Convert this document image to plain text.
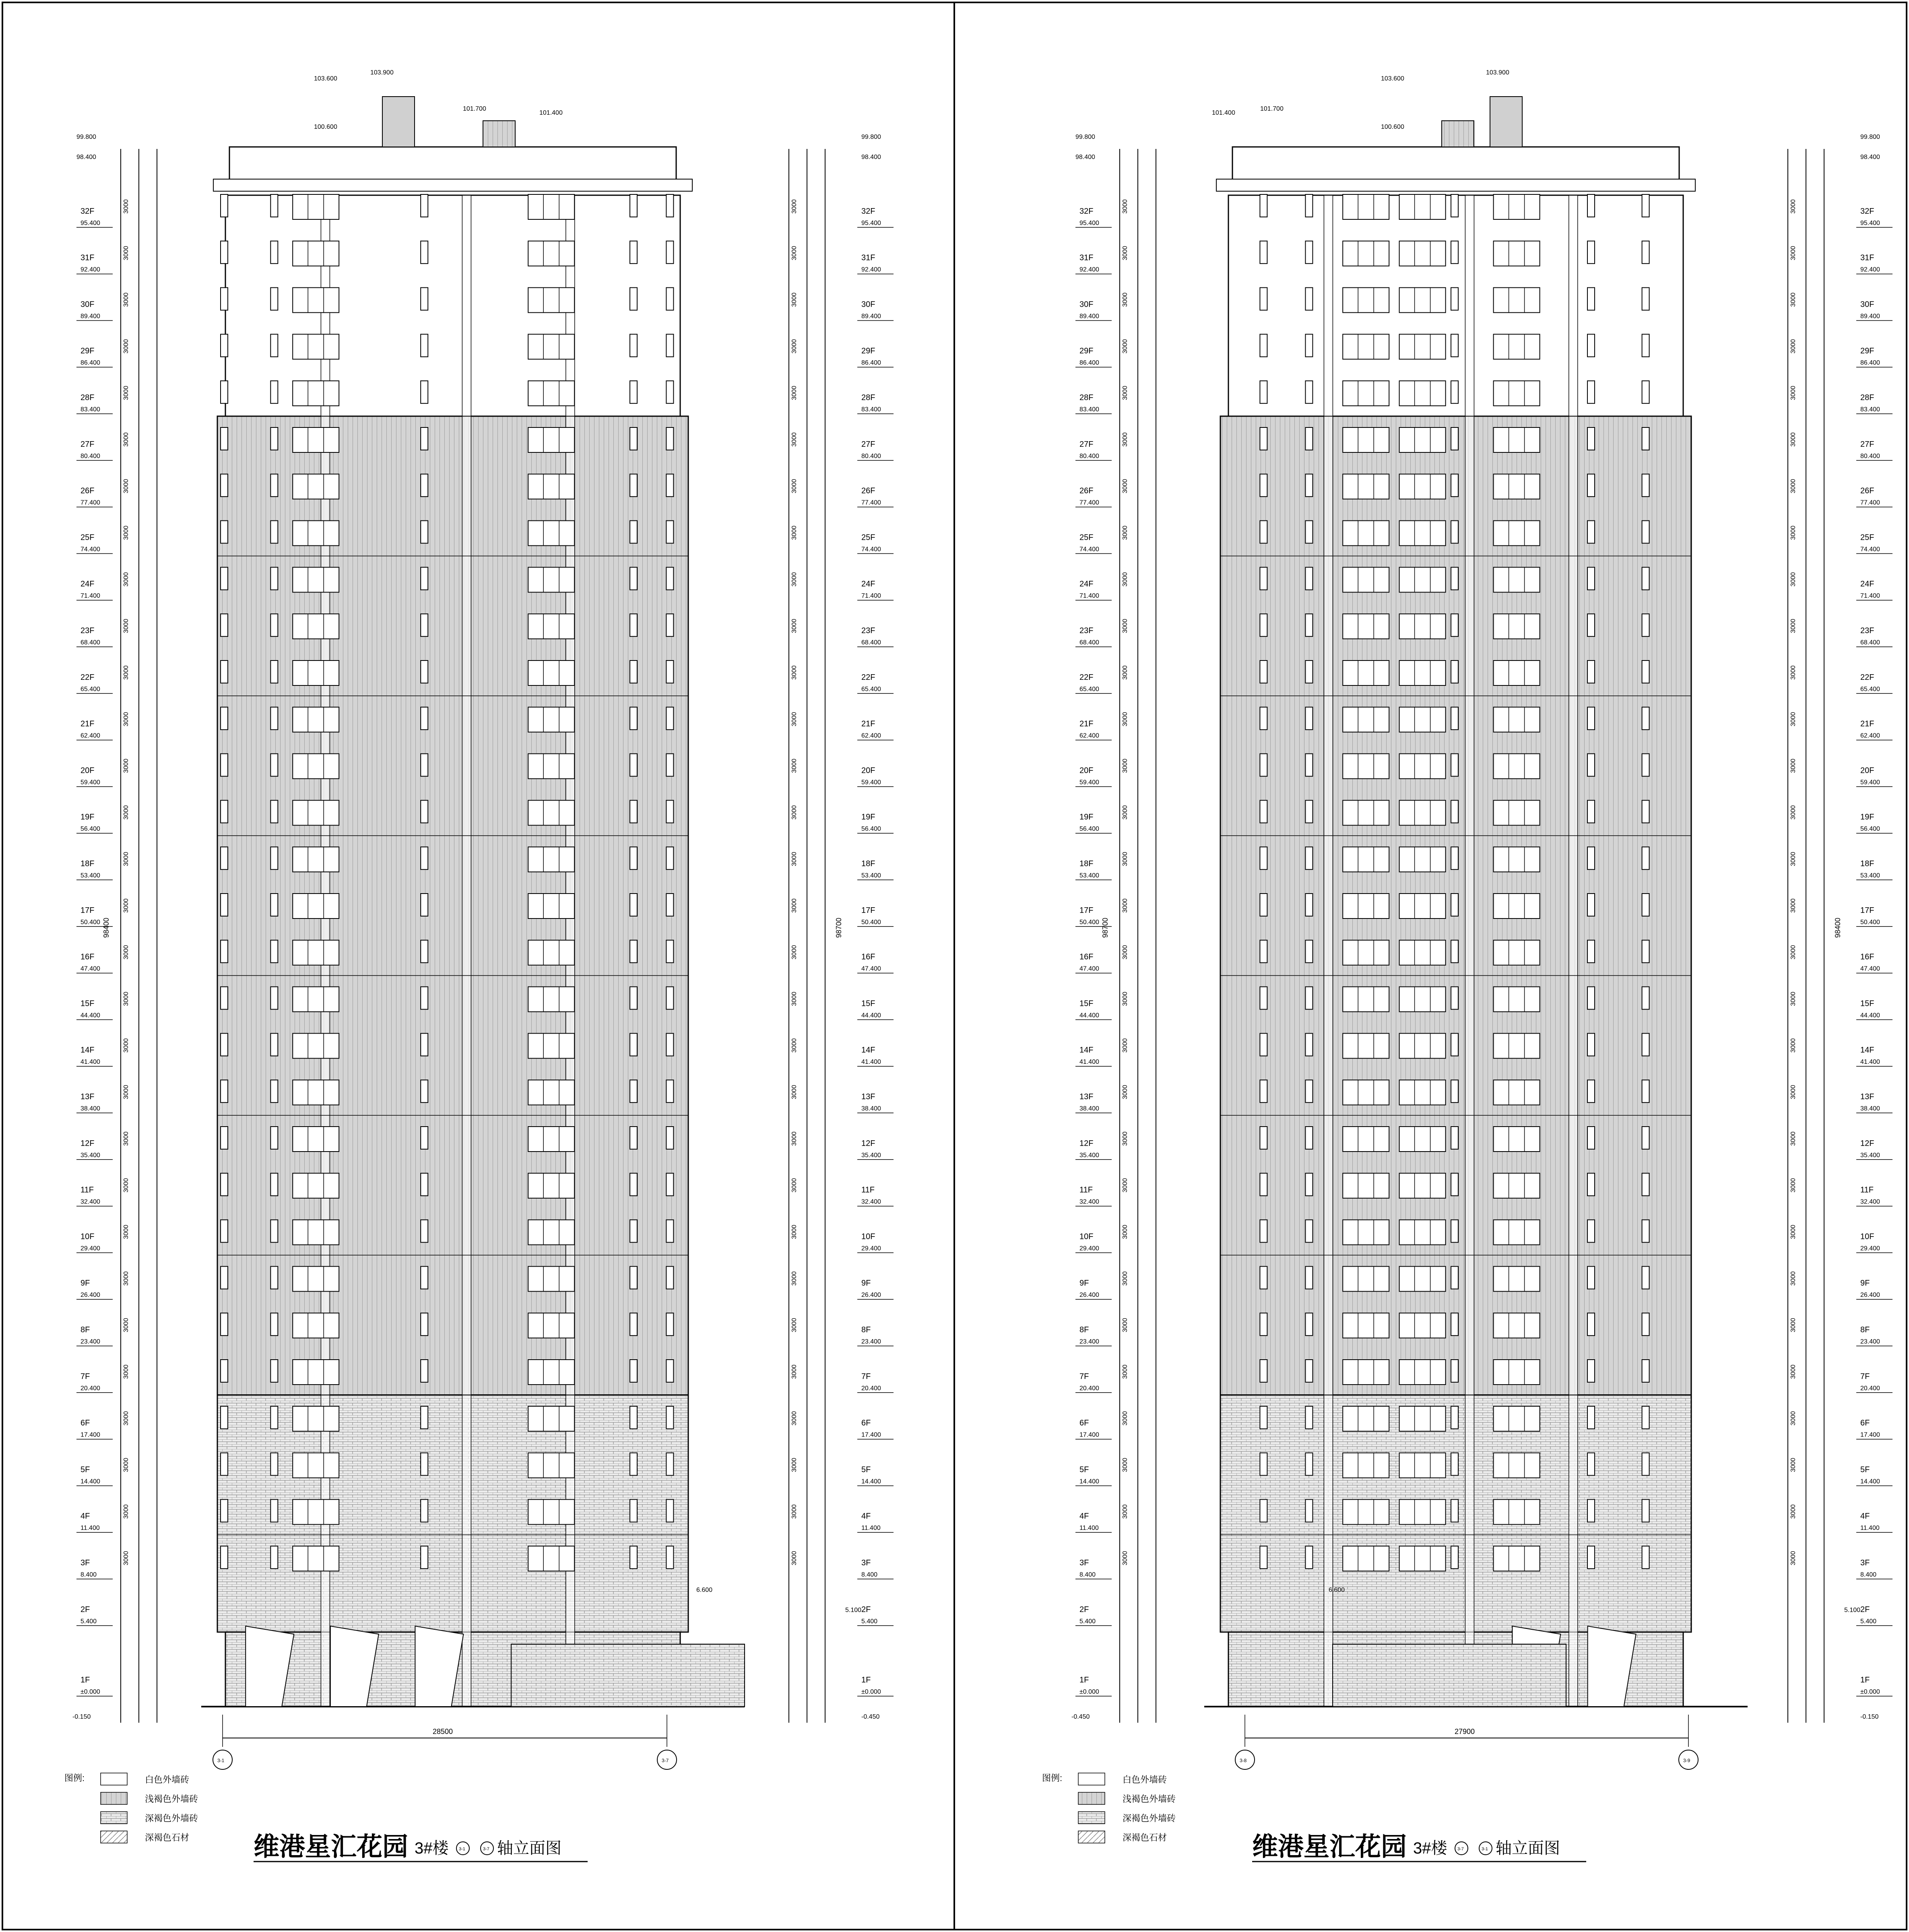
32F
95.400
32F
95.400
31F
92.400
31F
92.400
30F
89.400
30F
89.400
29F
86.400
29F
86.400
28F
83.400
28F
83.400
27F
80.400
27F
80.400
26F
77.400
26F
77.400
25F
74.400
25F
74.400
24F
71.400
24F
71.400
23F
68.400
23F
68.400
22F
65.400
22F
65.400
21F
62.400
21F
62.400
20F
59.400
20F
59.400
19F
56.400
19F
56.400
18F
53.400
18F
53.400
17F
50.400
17F
50.400
16F
47.400
16F
47.400
15F
44.400
15F
44.400
14F
41.400
14F
41.400
13F
38.400
13F
38.400
12F
35.400
12F
35.400
11F
32.400
11F
32.400
10F
29.400
10F
29.400
9F
26.400
9F
26.400
8F
23.400
8F
23.400
7F
20.400
7F
20.400
6F
17.400
6F
17.400
5F
14.400
5F
14.400
4F
11.400
4F
11.400
3F
8.400
3F
8.400
2F
5.400
2F
5.400
1F
±0.000
1F
±0.000
3000	3000
3000	3000
3000	3000
3000	3000
3000	3000
3000	3000
3000	3000
3000	3000
3000	3000
3000	3000
3000	3000
3000	3000
3000	3000
3000	3000
3000	3000
3000	3000
3000	3000
3000	3000
3000	3000
3000	3000
3000	3000
3000	3000
3000	3000
3000	3000
3000	3000
3000	3000
3000	3000
3000	3000
3000	3000
3000	3000
99.800
98.400
99.800
98.400
103.900
103.600
100.600
101.700
101.400
98400	98700
-0.150	-0.450
6.600
5.100
3-1	3-7
28500
图例:	白色外墙砖
浅褐色外墙砖
深褐色外墙砖
深褐色石材 维港星汇花园 3#楼 3-1	3-7 轴立面图
32F
95.400
32F
95.400
31F
92.400
31F
92.400
30F
89.400
30F
89.400
29F
86.400
29F
86.400
28F
83.400
28F
83.400
27F
80.400
27F
80.400
26F
77.400
26F
77.400
25F
74.400
25F
74.400
24F
71.400
24F
71.400
23F
68.400
23F
68.400
22F
65.400
22F
65.400
21F
62.400
21F
62.400
20F
59.400
20F
59.400
19F
56.400
19F
56.400
18F
53.400
18F
53.400
17F
50.400
17F
50.400
16F
47.400
16F
47.400
15F
44.400
15F
44.400
14F
41.400
14F
41.400
13F
38.400
13F
38.400
12F
35.400
12F
35.400
11F
32.400
11F
32.400
10F
29.400
10F
29.400
9F
26.400
9F
26.400
8F
23.400
8F
23.400
7F
20.400
7F
20.400
6F
17.400
6F
17.400
5F
14.400
5F
14.400
4F
11.400
4F
11.400
3F
8.400
3F
8.400
2F
5.400
2F
5.400
1F
±0.000
1F
±0.000
3000	3000
3000	3000
3000	3000
3000	3000
3000	3000
3000	3000
3000	3000
3000	3000
3000	3000
3000	3000
3000	3000
3000	3000
3000	3000
3000	3000
3000	3000
3000	3000
3000	3000
3000	3000
3000	3000
3000	3000
3000	3000
3000	3000
3000	3000
3000	3000
3000	3000
3000	3000
3000	3000
3000	3000
3000	3000
3000	3000
99.800
98.400
99.800
98.400
103.900
103.600
100.600
101.700
101.400
98700	98400
-0.450	-0.150
6.600
5.100
3-8	3-9
27900
图例:	白色外墙砖
浅褐色外墙砖
深褐色外墙砖
深褐色石材	维港星汇花园 3#楼 3-7	3-1 轴立面图
